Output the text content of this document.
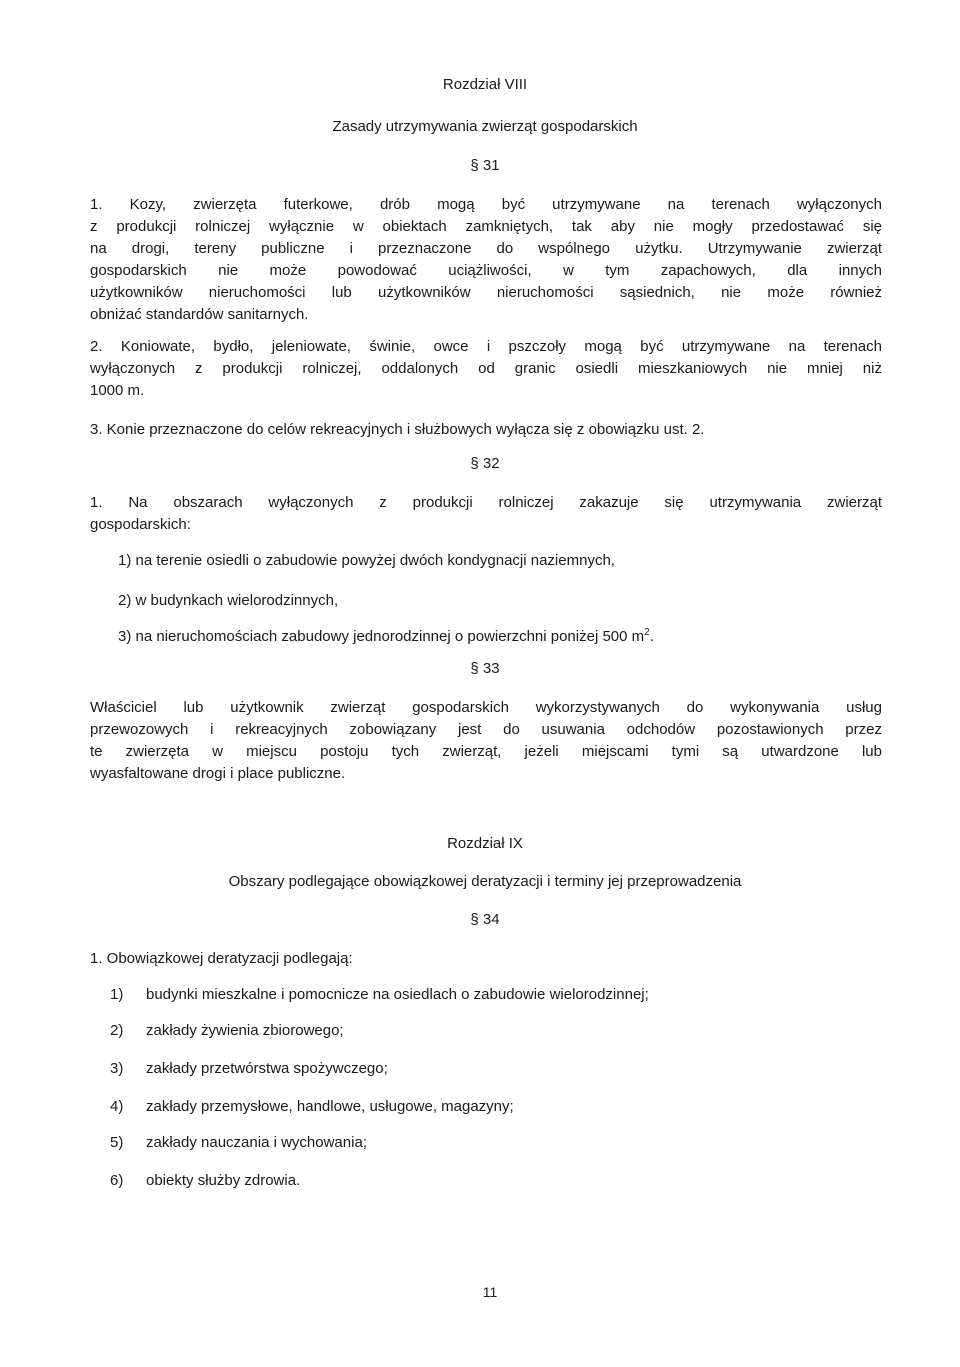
Rozdział VIII
Zasady utrzymywania zwierząt gospodarskich
§ 31
1. Kozy, zwierzęta futerkowe, drób mogą być utrzymywane na terenach wyłączonych
z produkcji rolniczej wyłącznie w obiektach zamkniętych, tak aby nie mogły przedostawać się
na drogi, tereny publiczne i przeznaczone do wspólnego użytku. Utrzymywanie zwierząt
gospodarskich nie może powodować uciążliwości, w tym zapachowych, dla innych
użytkowników nieruchomości lub użytkowników nieruchomości sąsiednich, nie może również
obniżać standardów sanitarnych.
2. Koniowate, bydło, jeleniowate, świnie, owce i pszczoły mogą być utrzymywane na terenach
wyłączonych z produkcji rolniczej, oddalonych od granic osiedli mieszkaniowych nie mniej niż
1000 m.
3. Konie przeznaczone do celów rekreacyjnych i służbowych wyłącza się z obowiązku ust. 2.
§ 32
1. Na obszarach wyłączonych z produkcji rolniczej zakazuje się utrzymywania zwierząt
gospodarskich:
1) na terenie osiedli o zabudowie powyżej dwóch kondygnacji naziemnych,
2) w budynkach wielorodzinnych,
3) na nieruchomościach zabudowy jednorodzinnej o powierzchni poniżej 500 $m^2$.
§ 33
Właściciel lub użytkownik zwierząt gospodarskich wykorzystywanych do wykonywania usług
przewozowych i rekreacyjnych zobowiązany jest do usuwania odchodów pozostawionych przez
te zwierzęta w miejscu postoju tych zwierząt, jeżeli miejscami tymi są utwardzone lub
wyasfaltowane drogi i place publiczne.
Rozdział IX
Obszary podlegające obowiązkowej deratyzacji i terminy jej przeprowadzenia
§ 34
1. Obowiązkowej deratyzacji podlegają:
1) budynki mieszkalne i pomocnicze na osiedlach o zabudowie wielorodzinnej;
2) zakłady żywienia zbiorowego;
3) zakłady przetwórstwa spożywczego;
4) zakłady przemysłowe, handlowe, usługowe, magazyny;
5) zakłady nauczania i wychowania;
6) obiekty służby zdrowia.
11
